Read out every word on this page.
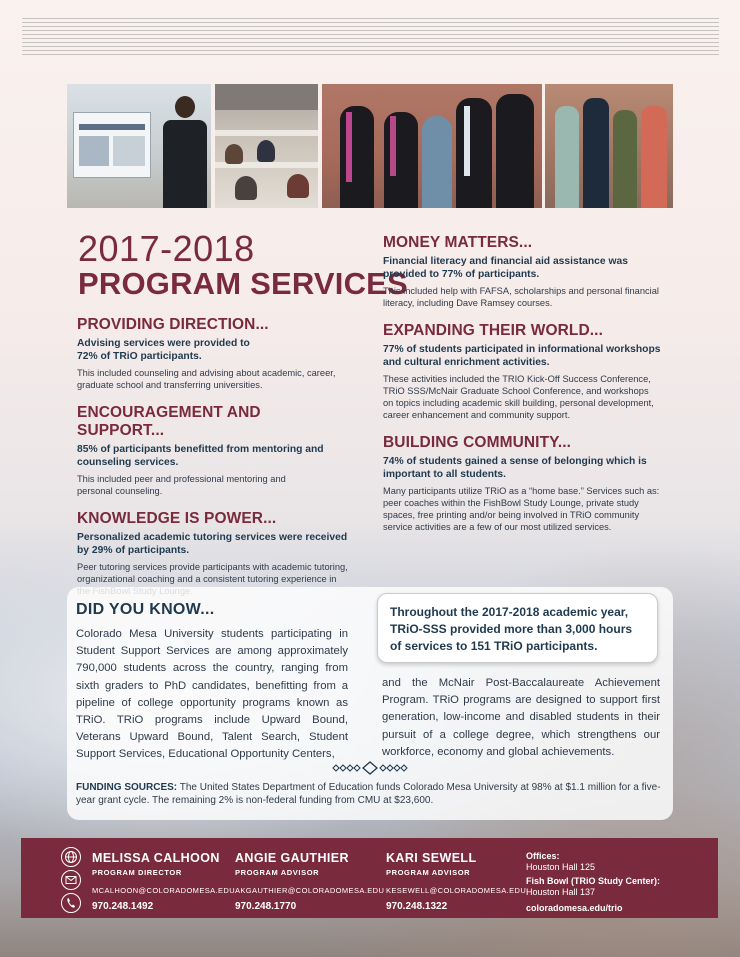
2017-2018
PROGRAM SERVICES
PROVIDING DIRECTION...

Advising services were provided to 72% of TRiO participants.

This included counseling and advising about academic, career, graduate school and transferring universities.

ENCOURAGEMENT AND SUPPORT...

85% of participants benefitted from mentoring and counseling services.

This included peer and professional mentoring and personal counseling.

KNOWLEDGE IS POWER...

Personalized academic tutoring services were received by 29% of participants.

Peer tutoring services provide participants with academic tutoring, organizational coaching and a consistent tutoring experience in

MONEY MATTERS...

Financial literacy and financial aid assistance was provided to 77% of participants.

This included help with FAFSA, scholarships and personal financial literacy, including Dave Ramsey courses.

EXPANDING THEIR WORLD...

77% of students participated in informational workshops and cultural enrichment activities.

These activities included the TRIO Kick-Off Success Conference, TRiO SSS/McNair Graduate School Conference, and workshops on topics including academic skill building, personal development, career enhancement and community support.

BUILDING COMMUNITY...

74% of students gained a sense of belonging which is important to all students.

Many participants utilize TRiO as a “home base.” Services such as: peer coaches within the FishBowl Study Lounge, private study spaces, free printing and/or being involved in TRiO community service activities are a few of our most utilized services.

DID YOU KNOW...

Colorado Mesa University students participating in Student Support Services are among approximately 790,000 students across the country, ranging from sixth graders to PhD candidates, benefitting from a pipeline of college opportunity programs known as TRiO. TRiO programs include Upward Bound, Veterans Upward Bound, Talent Search, Student Support Services, Educational Opportunity Centers,

Throughout the 2017-2018 academic year, TRiO-SSS provided more than 3,000 hours of services to 151 TRiO participants.

and the McNair Post-Baccalaureate Achievement Program. TRiO programs are designed to support first generation, low-income and disabled students in their pursuit of a college degree, which strengthens our workforce, economy and global achievements.

FUNDING SOURCES: The United States Department of Education funds Colorado Mesa University at 98% at $1.1 million for a five-year grant cycle. The remaining 2% is non-federal funding from CMU at $23,600.

MELISSA CALHOON
PROGRAM DIRECTOR
MCALHOON@COLORADOMESA.EDU
970.248.1492
ANGIE GAUTHIER
PROGRAM ADVISOR
AKGAUTHIER@COLORADOMESA.EDU
970.248.1770
KARI SEWELL
PROGRAM ADVISOR
KESEWELL@COLORADOMESA.EDU
970.248.1322
Offices:
Houston Hall 125
Fish Bowl (TRiO Study Center):
Houston Hall 137
coloradomesa.edu/trio
